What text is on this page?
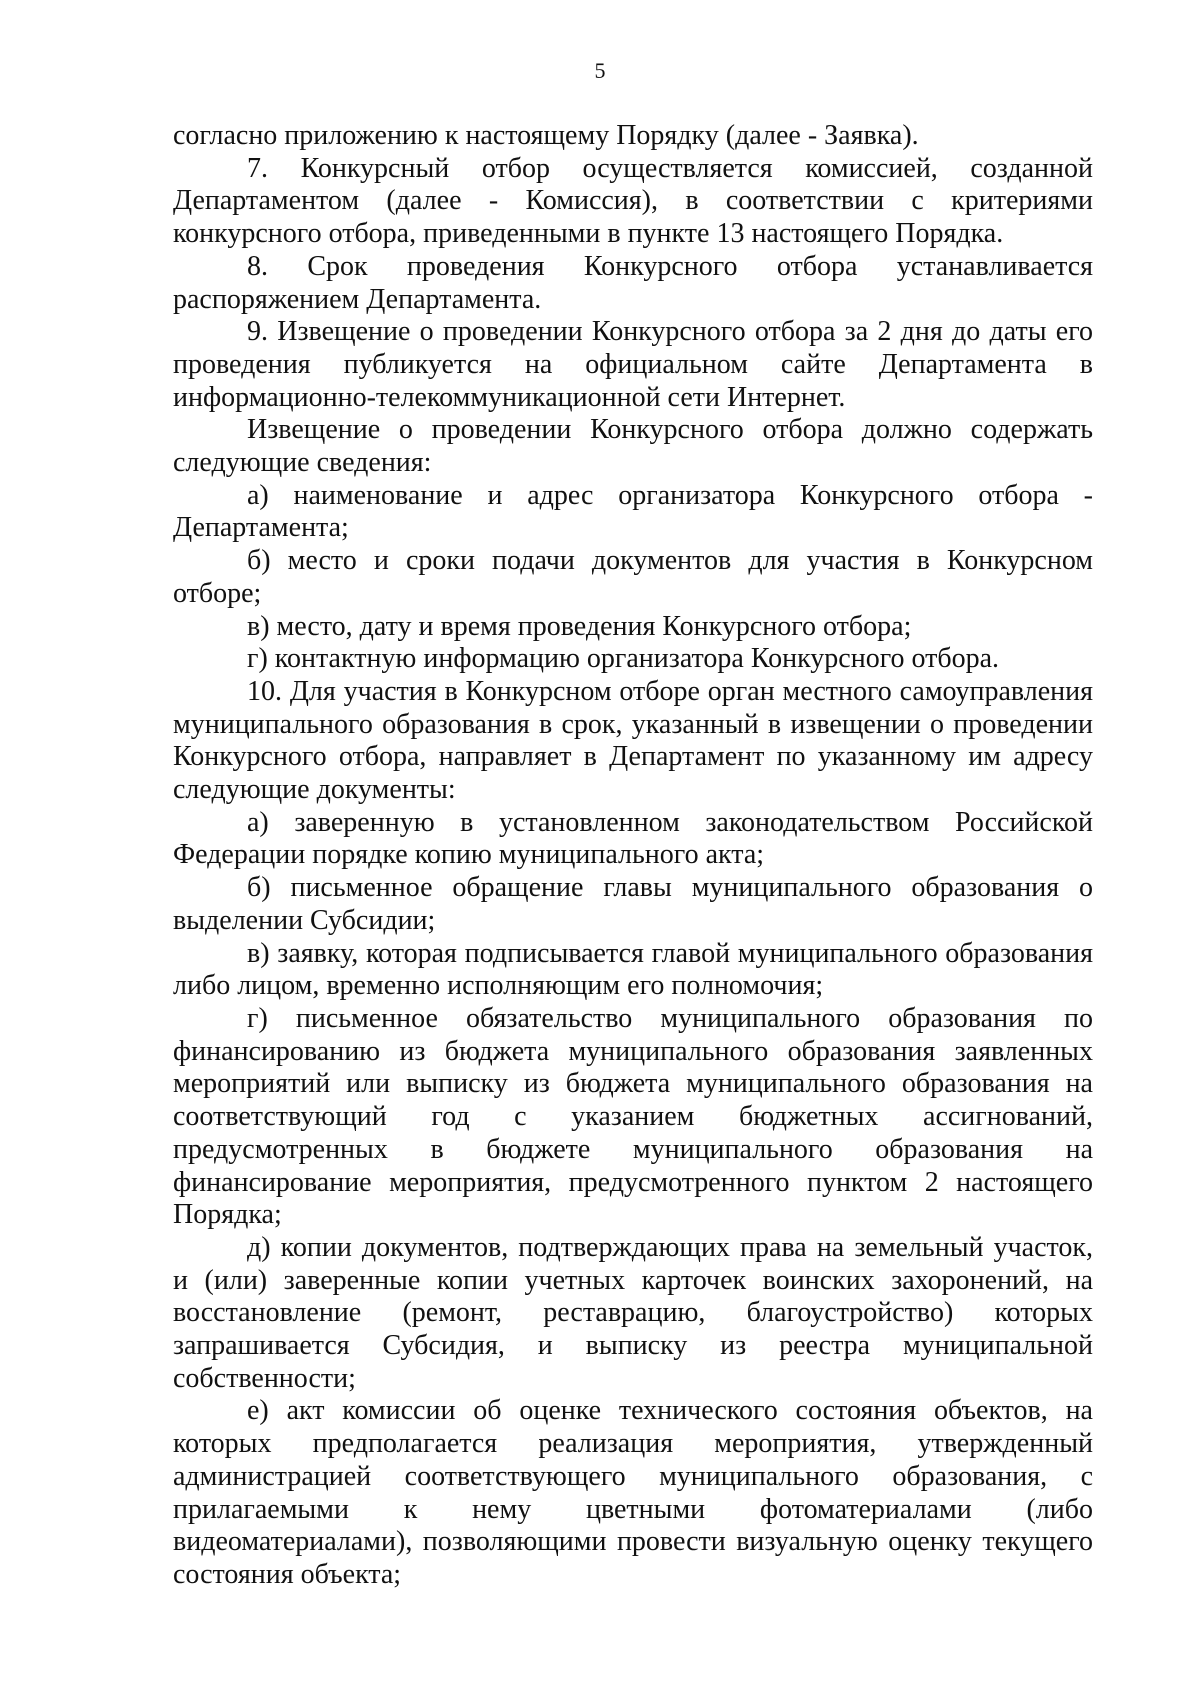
5

согласно приложению к настоящему Порядку (далее - Заявка).

7. Конкурсный отбор осуществляется комиссией, созданной Департаментом (далее - Комиссия), в соответствии с критериями конкурсного отбора, приведенными в пункте 13 настоящего Порядка.

8. Срок проведения Конкурсного отбора устанавливается распоряжением Департамента.

9. Извещение о проведении Конкурсного отбора за 2 дня до даты его проведения публикуется на официальном сайте Департамента в информационно-телекоммуникационной сети Интернет.

Извещение о проведении Конкурсного отбора должно содержать следующие сведения:

а) наименование и адрес организатора Конкурсного отбора - Департамента;

б) место и сроки подачи документов для участия в Конкурсном отборе;

в) место, дату и время проведения Конкурсного отбора;

г) контактную информацию организатора Конкурсного отбора.

10. Для участия в Конкурсном отборе орган местного самоуправления муниципального образования в срок, указанный в извещении о проведении Конкурсного отбора, направляет в Департамент по указанному им адресу следующие документы:

а) заверенную в установленном законодательством Российской Федерации порядке копию муниципального акта;

б) письменное обращение главы муниципального образования о выделении Субсидии;

в) заявку, которая подписывается главой муниципального образования либо лицом, временно исполняющим его полномочия;

г) письменное обязательство муниципального образования по финансированию из бюджета муниципального образования заявленных мероприятий или выписку из бюджета муниципального образования на соответствующий год с указанием бюджетных ассигнований, предусмотренных в бюджете муниципального образования на финансирование мероприятия, предусмотренного пунктом 2 настоящего Порядка;

д) копии документов, подтверждающих права на земельный участок, и (или) заверенные копии учетных карточек воинских захоронений, на восстановление (ремонт, реставрацию, благоустройство) которых запрашивается Субсидия, и выписку из реестра муниципальной собственности;

е) акт комиссии об оценке технического состояния объектов, на которых предполагается реализация мероприятия, утвержденный администрацией соответствующего муниципального образования, с прилагаемыми к нему цветными фотоматериалами (либо видеоматериалами), позволяющими провести визуальную оценку текущего состояния объекта;
